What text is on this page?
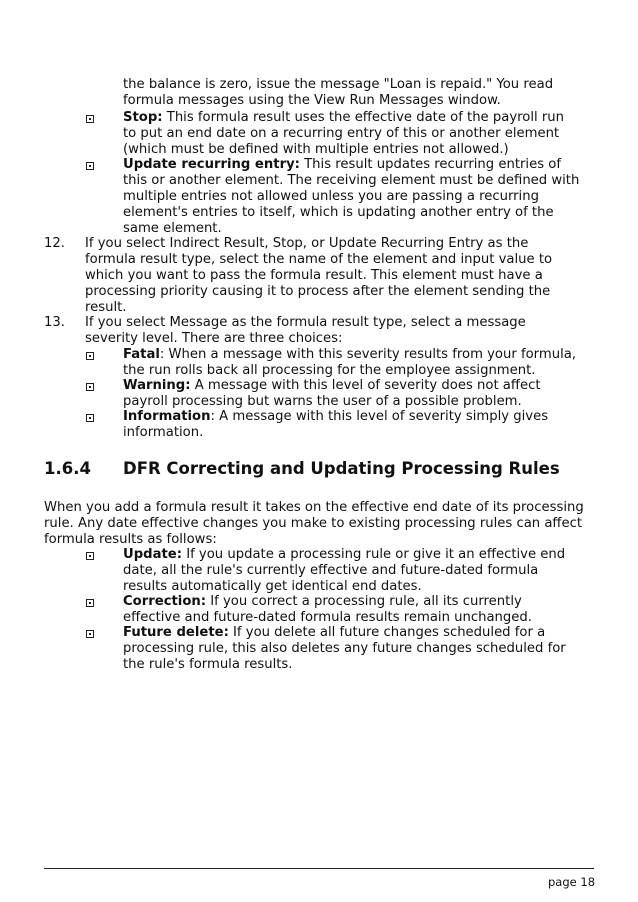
the balance is zero, issue the message "Loan is repaid." You read
formula messages using the View Run Messages window.
Stop: This formula result uses the effective date of the payroll run
to put an end date on a recurring entry of this or another element
(which must be defined with multiple entries not allowed.)
Update recurring entry: This result updates recurring entries of
this or another element. The receiving element must be defined with
multiple entries not allowed unless you are passing a recurring
element's entries to itself, which is updating another entry of the
same element.
12. If you select Indirect Result, Stop, or Update Recurring Entry as the
formula result type, select the name of the element and input value to
which you want to pass the formula result. This element must have a
processing priority causing it to process after the element sending the
result.
13. If you select Message as the formula result type, select a message
severity level. There are three choices:
Fatal: When a message with this severity results from your formula,
the run rolls back all processing for the employee assignment.
Warning: A message with this level of severity does not affect
payroll processing but warns the user of a possible problem.
Information: A message with this level of severity simply gives
information.
1.6.4 DFR Correcting and Updating Processing Rules
When you add a formula result it takes on the effective end date of its processing
rule. Any date effective changes you make to existing processing rules can affect
formula results as follows:
Update: If you update a processing rule or give it an effective end
date, all the rule's currently effective and future-dated formula
results automatically get identical end dates.
Correction: If you correct a processing rule, all its currently
effective and future-dated formula results remain unchanged.
Future delete: If you delete all future changes scheduled for a
processing rule, this also deletes any future changes scheduled for
the rule's formula results.
page 18
